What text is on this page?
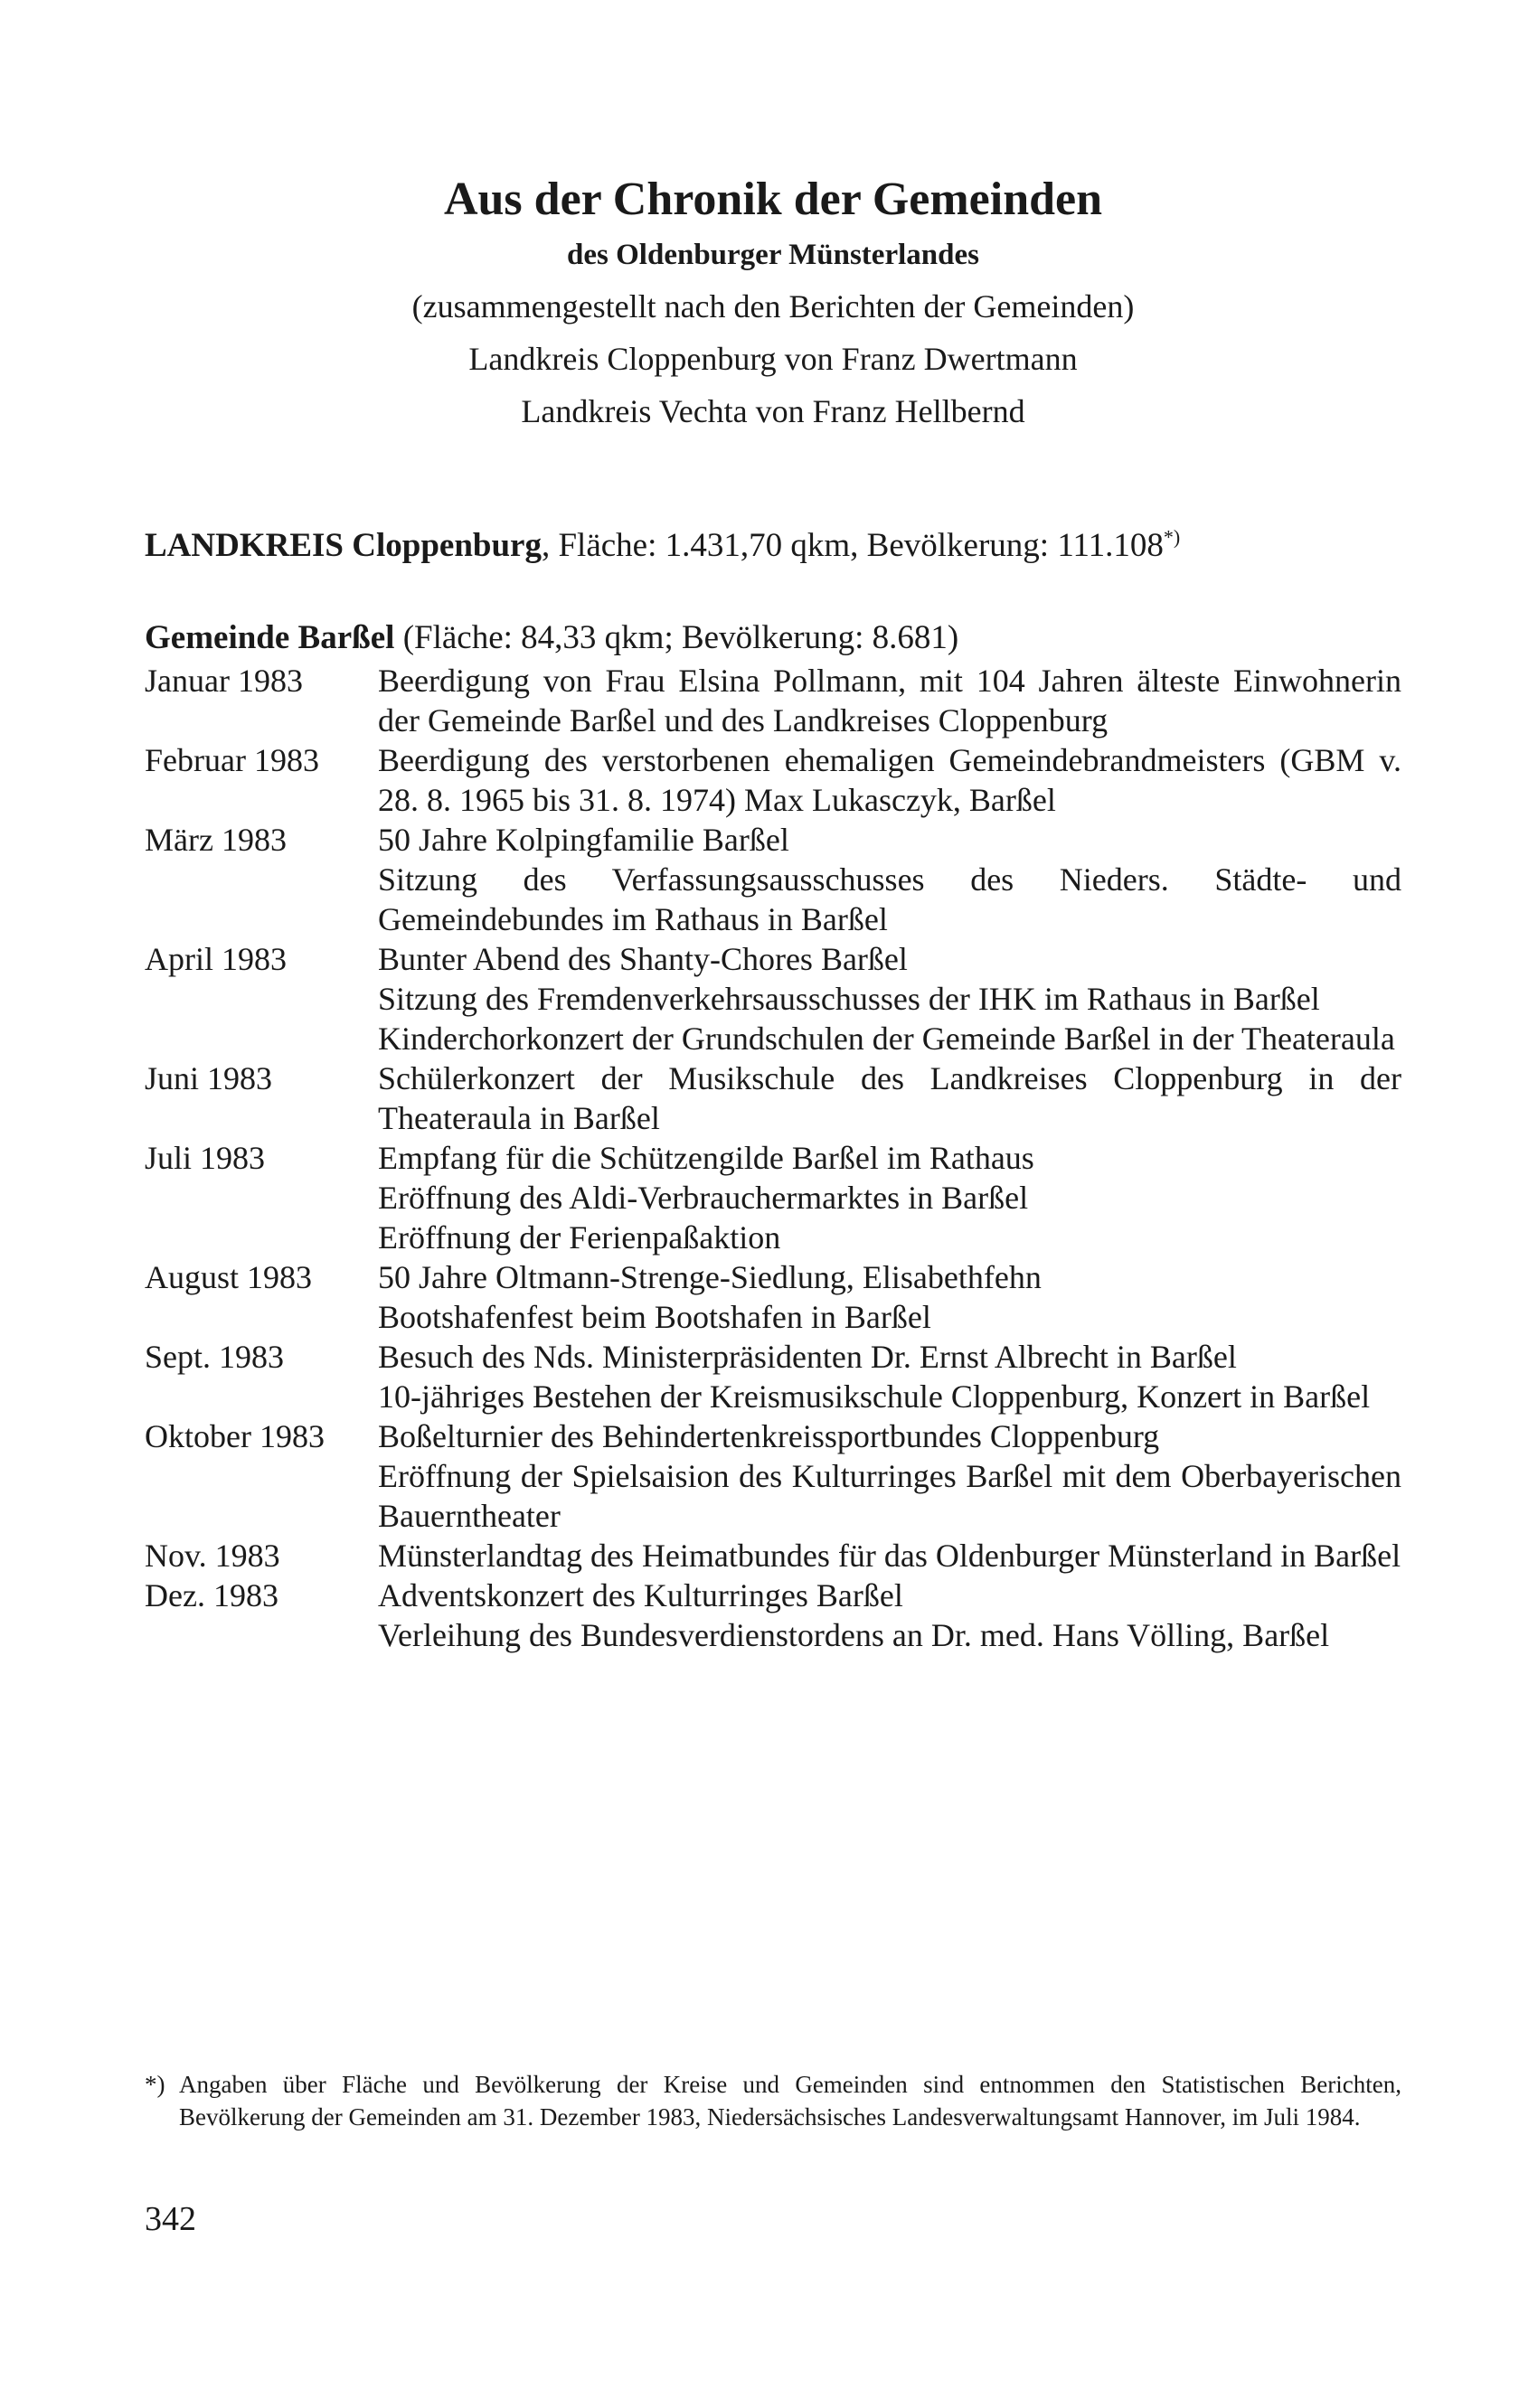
Aus der Chronik der Gemeinden
des Oldenburger Münsterlandes
(zusammengestellt nach den Berichten der Gemeinden)
Landkreis Cloppenburg von Franz Dwertmann
Landkreis Vechta von Franz Hellbernd
LANDKREIS Cloppenburg, Fläche: 1.431,70 qkm, Bevölkerung: 111.108*)
Gemeinde Barßel (Fläche: 84,33 qkm; Bevölkerung: 8.681)
Januar 1983	Beerdigung von Frau Elsina Pollmann, mit 104 Jahren älteste Einwohnerin der Gemeinde Barßel und des Landkreises Cloppenburg
Februar 1983	Beerdigung des verstorbenen ehemaligen Gemeindebrandmeisters (GBM v. 28. 8. 1965 bis 31. 8. 1974) Max Lukasczyk, Barßel
März 1983	50 Jahre Kolpingfamilie Barßel
Sitzung des Verfassungsausschusses des Nieders. Städte- und Gemeindebundes im Rathaus in Barßel
April 1983	Bunter Abend des Shanty-Chores Barßel
Sitzung des Fremdenverkehrsausschusses der IHK im Rathaus in Barßel
Kinderchorkonzert der Grundschulen der Gemeinde Barßel in der Theateraula
Juni 1983	Schülerkonzert der Musikschule des Landkreises Cloppenburg in der Theateraula in Barßel
Juli 1983	Empfang für die Schützengilde Barßel im Rathaus
Eröffnung des Aldi-Verbrauchermarktes in Barßel
Eröffnung der Ferienpaßaktion
August 1983	50 Jahre Oltmann-Strenge-Siedlung, Elisabethfehn
Bootshafenfest beim Bootshafen in Barßel
Sept. 1983	Besuch des Nds. Ministerpräsidenten Dr. Ernst Albrecht in Barßel
10-jähriges Bestehen der Kreismusikschule Cloppenburg, Konzert in Barßel
Oktober 1983	Boßelturnier des Behindertenkreissportbundes Cloppenburg
Eröffnung der Spielsaision des Kulturringes Barßel mit dem Oberbayerischen Bauerntheater
Nov. 1983	Münsterlandtag des Heimatbundes für das Oldenburger Münsterland in Barßel
Dez. 1983	Adventskonzert des Kulturringes Barßel
Verleihung des Bundesverdienstordens an Dr. med. Hans Völling, Barßel
*) Angaben über Fläche und Bevölkerung der Kreise und Gemeinden sind entnommen den Statistischen Berichten, Bevölkerung der Gemeinden am 31. Dezember 1983, Niedersächsisches Landesverwaltungsamt Hannover, im Juli 1984.
342
